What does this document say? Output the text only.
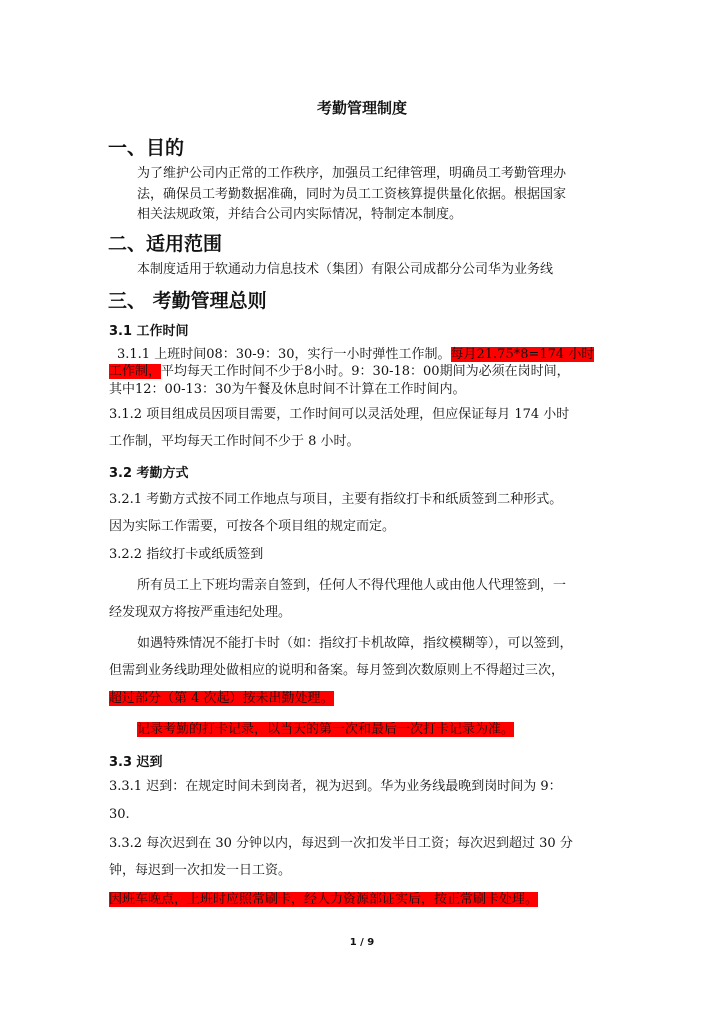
考勤管理制度
一、目的
为了维护公司内正常的工作秩序，加强员工纪律管理，明确员工考勤管理办
法，确保员工考勤数据准确，同时为员工工资核算提供量化依据。根据国家
相关法规政策，并结合公司内实际情况，特制定本制度。
二、适用范围
本制度适用于软通动力信息技术（集团）有限公司成都分公司华为业务线
三、 考勤管理总则
3.1 工作时间
3.1.1 上班时间08：30-9：30，实行一小时弹性工作制。每月21.75*8=174 小时
工作制，平均每天工作时间不少于8小时。9：30-18：00期间为必须在岗时间，
其中12：00-13：30为午餐及休息时间不计算在工作时间内。
3.1.2 项目组成员因项目需要，工作时间可以灵活处理，但应保证每月 174 小时
工作制，平均每天工作时间不少于 8 小时。
3.2 考勤方式
3.2.1 考勤方式按不同工作地点与项目，主要有指纹打卡和纸质签到二种形式。
因为实际工作需要，可按各个项目组的规定而定。
3.2.2 指纹打卡或纸质签到
所有员工上下班均需亲自签到，任何人不得代理他人或由他人代理签到，一
经发现双方将按严重违纪处理。
如遇特殊情况不能打卡时（如：指纹打卡机故障，指纹模糊等），可以签到，
但需到业务线助理处做相应的说明和备案。每月签到次数原则上不得超过三次，
超过部分（第 4 次起）按未出勤处理。
记录考勤的打卡记录，以当天的第一次和最后一次打卡记录为准。
3.3 迟到
3.3.1 迟到：在规定时间未到岗者，视为迟到。华为业务线最晚到岗时间为 9：
30.
3.3.2 每次迟到在 30 分钟以内，每迟到一次扣发半日工资；每次迟到超过 30 分
钟，每迟到一次扣发一日工资。
因班车晚点，上班时应照常刷卡，经人力资源部证实后，按正常刷卡处理。
1 / 9
